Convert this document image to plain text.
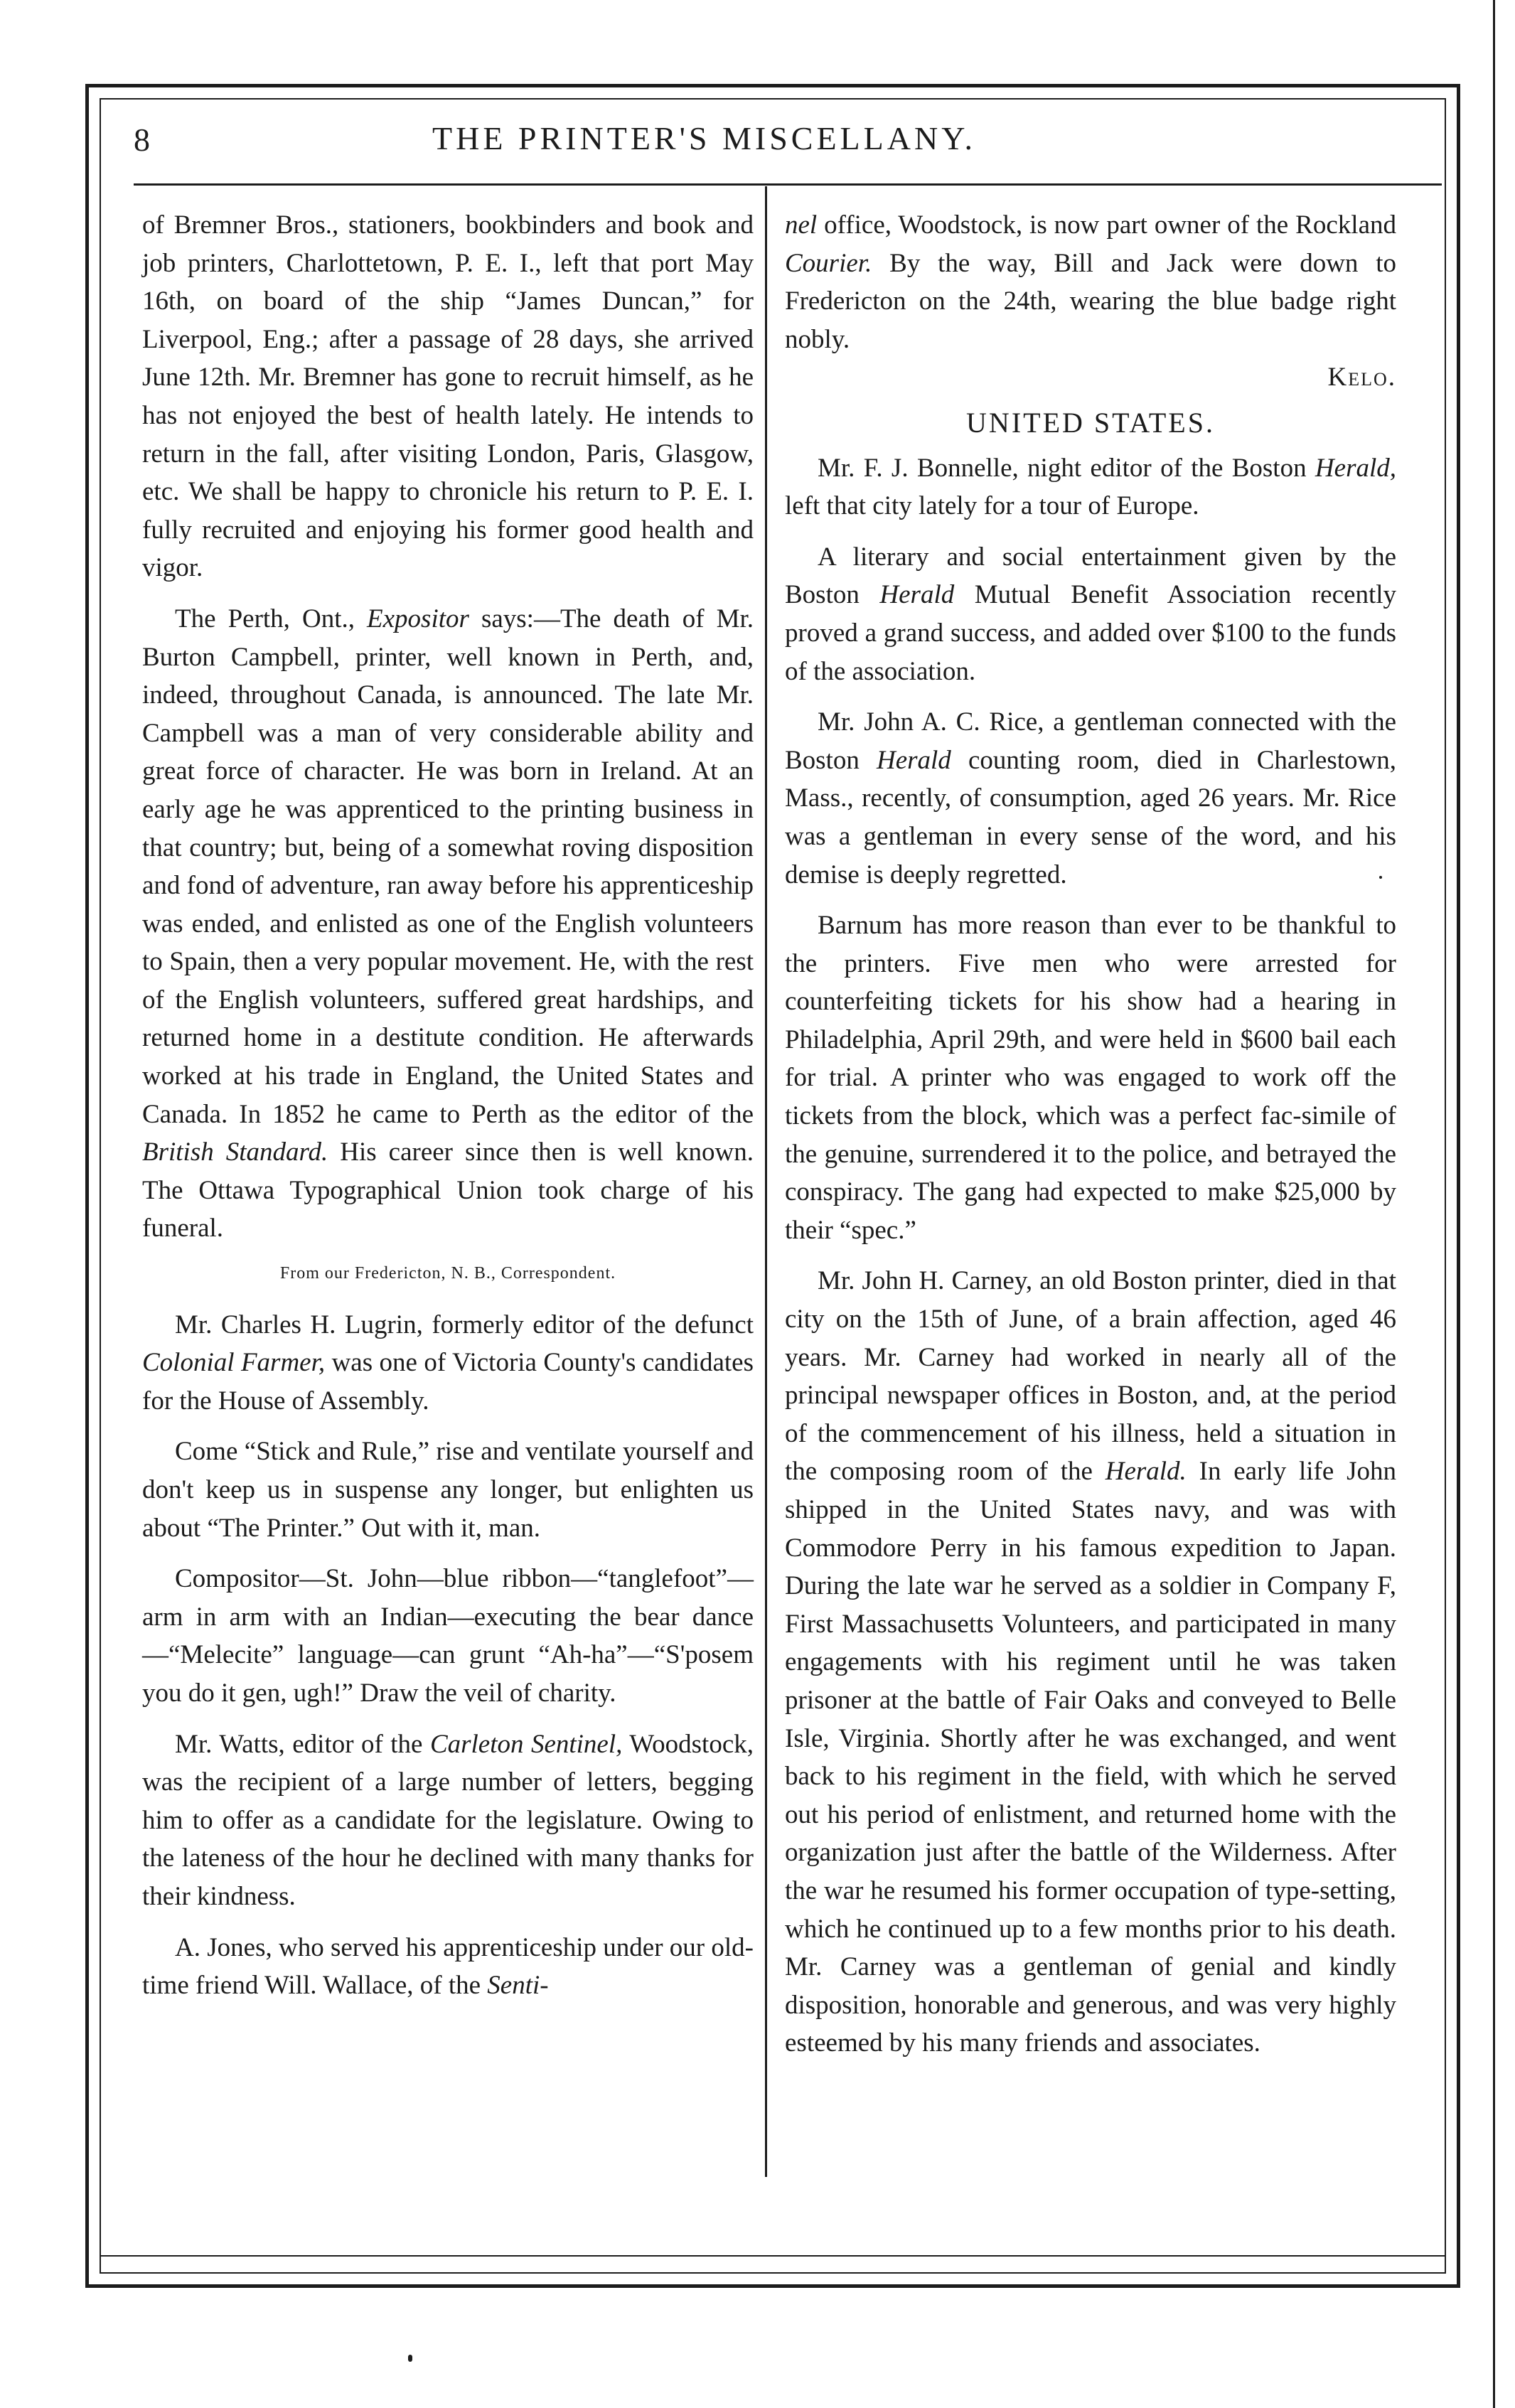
8	THE PRINTER'S MISCELLANY.

of Bremner Bros., stationers, bookbinders and book and job printers, Charlottetown, P. E. I., left that port May 16th, on board of the ship “James Duncan,” for Liverpool, Eng.; after a passage of 28 days, she arrived June 12th. Mr. Bremner has gone to recruit himself, as he has not enjoyed the best of health lately. He intends to return in the fall, after visiting London, Paris, Glasgow, etc. We shall be happy to chronicle his return to P. E. I. fully recruited and enjoying his former good health and vigor.

The Perth, Ont., Expositor says:—The death of Mr. Burton Campbell, printer, well known in Perth, and, indeed, throughout Canada, is announced. The late Mr. Campbell was a man of very considerable ability and great force of character. He was born in Ireland. At an early age he was apprenticed to the printing business in that country; but, being of a somewhat roving disposition and fond of adventure, ran away before his apprenticeship was ended, and enlisted as one of the English volunteers to Spain, then a very popular movement. He, with the rest of the English volunteers, suffered great hardships, and returned home in a destitute condition. He afterwards worked at his trade in England, the United States and Canada. In 1852 he came to Perth as the editor of the British Standard. His career since then is well known. The Ottawa Typographical Union took charge of his funeral.

From our Fredericton, N. B., Correspondent.

Mr. Charles H. Lugrin, formerly editor of the defunct Colonial Farmer, was one of Victoria County's candidates for the House of Assembly.

Come “Stick and Rule,” rise and ventilate yourself and don't keep us in suspense any longer, but enlighten us about “The Printer.” Out with it, man.

Compositor—St. John—blue ribbon—“tanglefoot”—arm in arm with an Indian—executing the bear dance—“Melecite” language—can grunt “Ah-ha”—“S'posem you do it gen, ugh!” Draw the veil of charity.

Mr. Watts, editor of the Carleton Sentinel, Woodstock, was the recipient of a large number of letters, begging him to offer as a candidate for the legislature. Owing to the lateness of the hour he declined with many thanks for their kindness.

A. Jones, who served his apprenticeship under our old-time friend Will. Wallace, of the Senti-

nel office, Woodstock, is now part owner of the Rockland Courier. By the way, Bill and Jack were down to Fredericton on the 24th, wearing the blue badge right nobly.

Kelo.
UNITED STATES.

Mr. F. J. Bonnelle, night editor of the Boston Herald, left that city lately for a tour of Europe.

A literary and social entertainment given by the Boston Herald Mutual Benefit Association recently proved a grand success, and added over $100 to the funds of the association.

Mr. John A. C. Rice, a gentleman connected with the Boston Herald counting room, died in Charlestown, Mass., recently, of consumption, aged 26 years. Mr. Rice was a gentleman in every sense of the word, and his demise is deeply regretted.

Barnum has more reason than ever to be thankful to the printers. Five men who were arrested for counterfeiting tickets for his show had a hearing in Philadelphia, April 29th, and were held in $600 bail each for trial. A printer who was engaged to work off the tickets from the block, which was a perfect fac-simile of the genuine, surrendered it to the police, and betrayed the conspiracy. The gang had expected to make $25,000 by their “spec.”

Mr. John H. Carney, an old Boston printer, died in that city on the 15th of June, of a brain affection, aged 46 years. Mr. Carney had worked in nearly all of the principal newspaper offices in Boston, and, at the period of the commencement of his illness, held a situation in the composing room of the Herald. In early life John shipped in the United States navy, and was with Commodore Perry in his famous expedition to Japan. During the late war he served as a soldier in Company F, First Massachusetts Volunteers, and participated in many engagements with his regiment until he was taken prisoner at the battle of Fair Oaks and conveyed to Belle Isle, Virginia. Shortly after he was exchanged, and went back to his regiment in the field, with which he served out his period of enlistment, and returned home with the organization just after the battle of the Wilderness. After the war he resumed his former occupation of type-setting, which he continued up to a few months prior to his death. Mr. Carney was a gentleman of genial and kindly disposition, honorable and generous, and was very highly esteemed by his many friends and associates.
